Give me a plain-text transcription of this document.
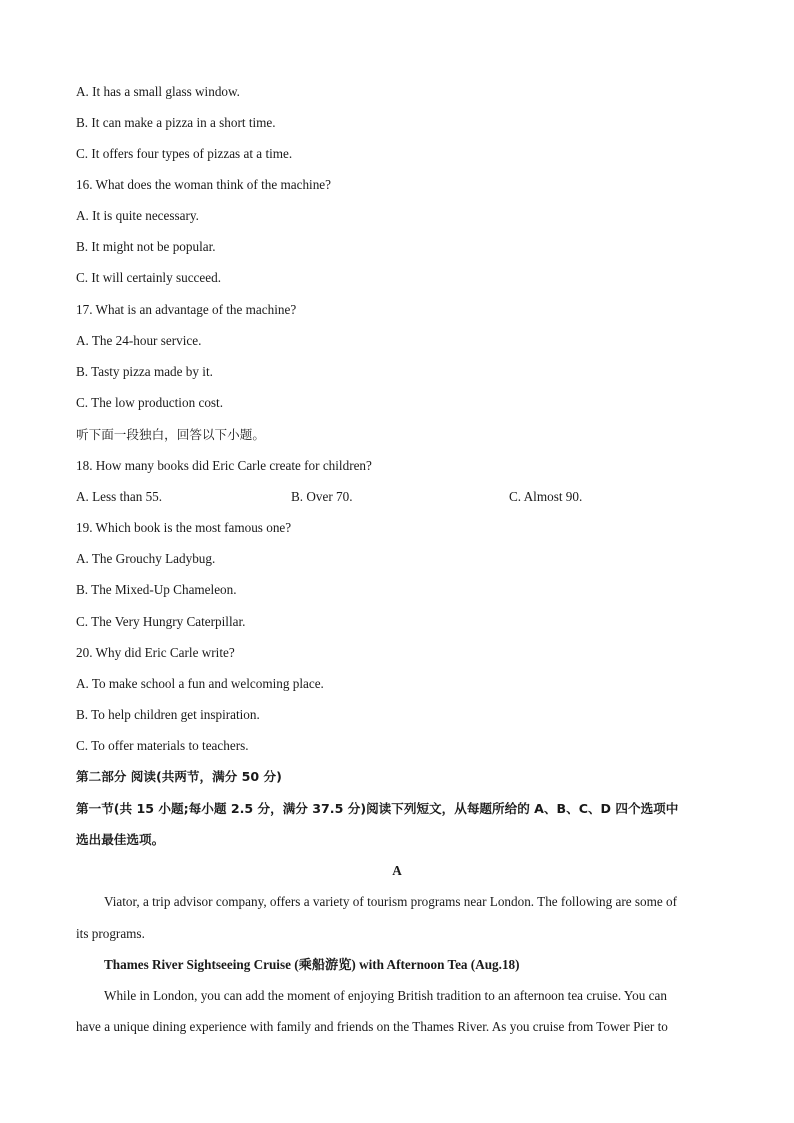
A. It has a small glass window.
B. It can make a pizza in a short time.
C. It offers four types of pizzas at a time.
16. What does the woman think of the machine?
A. It is quite necessary.
B. It might not be popular.
C. It will certainly succeed.
17. What is an advantage of the machine?
A. The 24-hour service.
B. Tasty pizza made by it.
C. The low production cost.
听下面一段独白，回答以下小题。
18. How many books did Eric Carle create for children?
A. Less than 55.	B. Over 70.	C. Almost 90.
19. Which book is the most famous one?
A. The Grouchy Ladybug.
B. The Mixed-Up Chameleon.
C. The Very Hungry Caterpillar.
20. Why did Eric Carle write?
A. To make school a fun and welcoming place.
B. To help children get inspiration.
C. To offer materials to teachers.
第二部分 阅读(共两节，满分 50 分)
第一节(共 15 小题;每小题 2.5 分，满分 37.5 分)阅读下列短文，从每题所给的 A、B、C、D 四个选项中
选出最佳选项。
A
Viator, a trip advisor company, offers a variety of tourism programs near London. The following are some of
its programs.
Thames River Sightseeing Cruise (乘船游览) with Afternoon Tea (Aug.18)
While in London, you can add the moment of enjoying British tradition to an afternoon tea cruise. You can
have a unique dining experience with family and friends on the Thames River. As you cruise from Tower Pier to
